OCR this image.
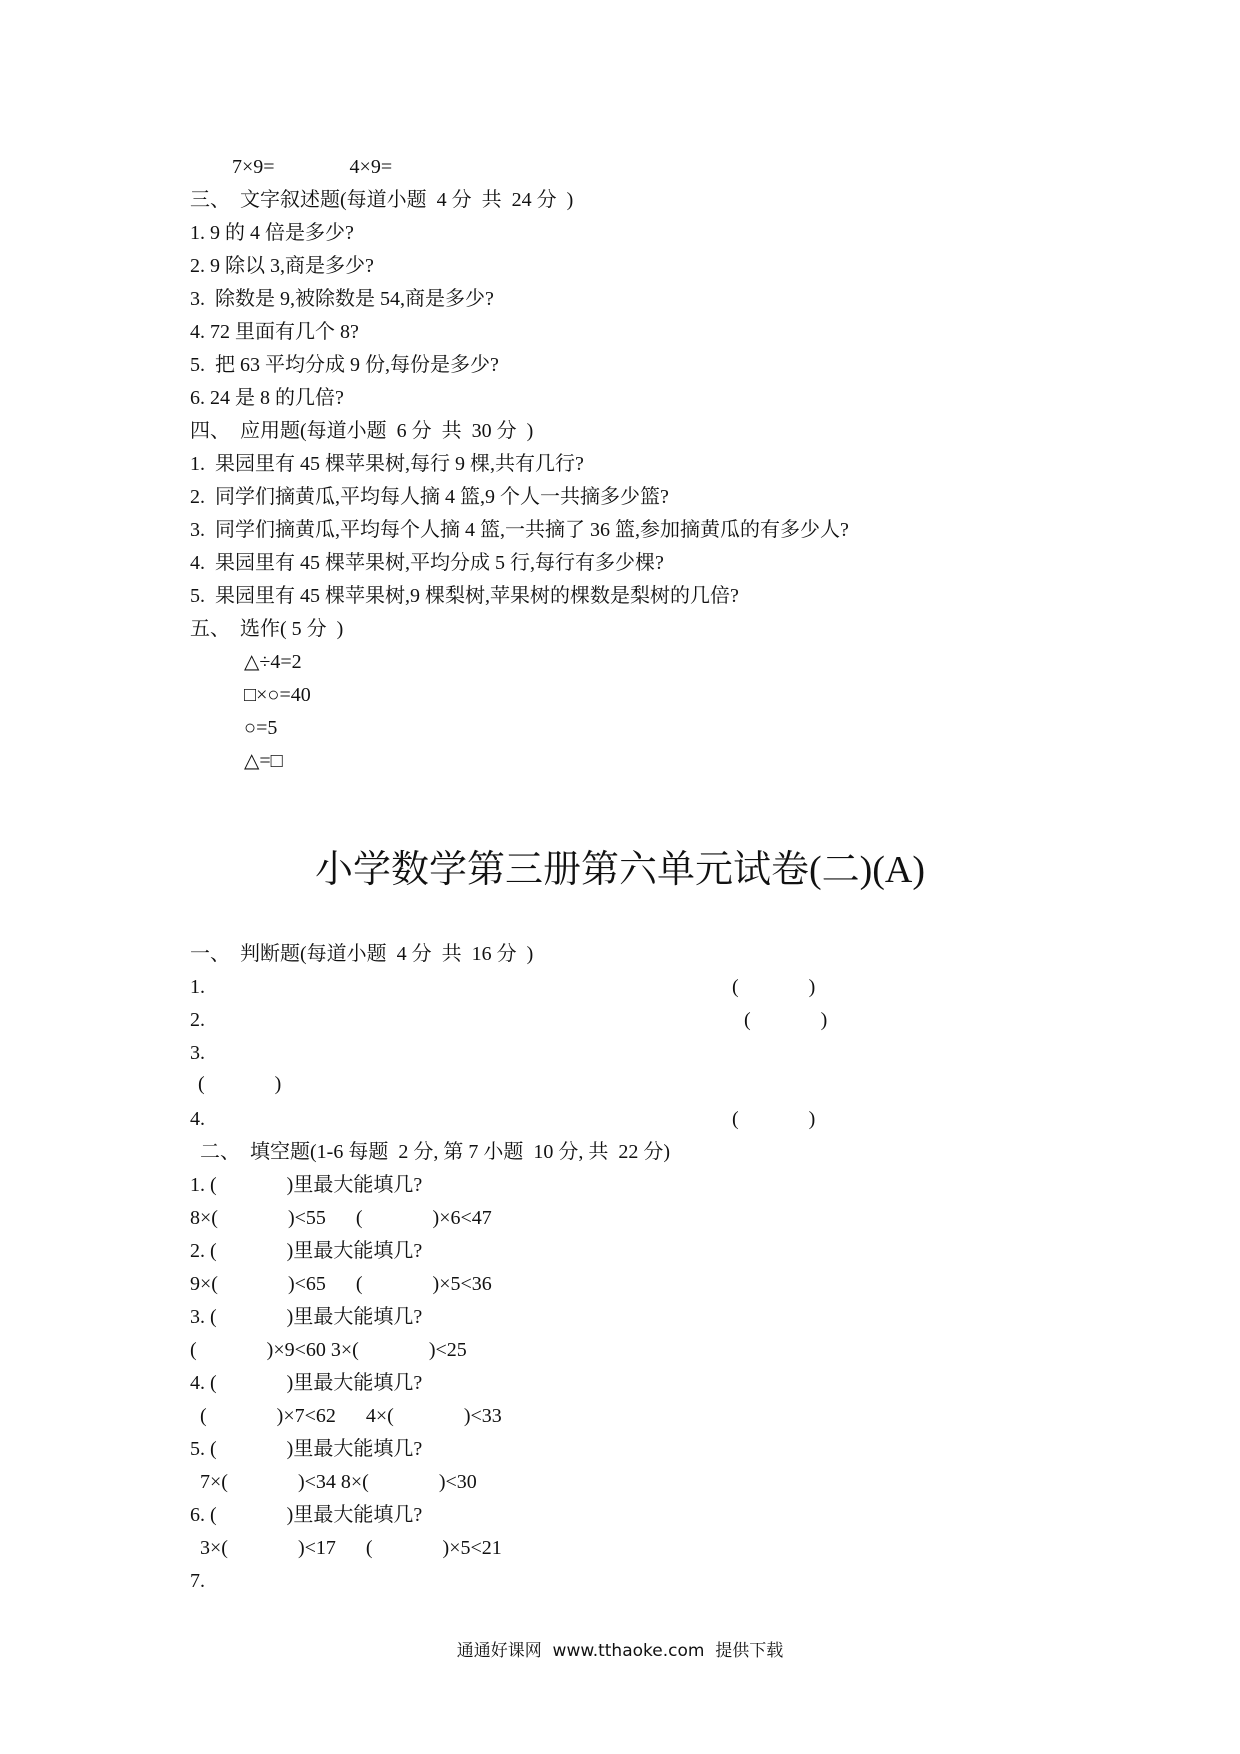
7×9=               4×9=
三、  文字叙述题(每道小题  4 分  共  24 分  )
1. 9 的 4 倍是多少?
2. 9 除以 3,商是多少?
3.  除数是 9,被除数是 54,商是多少?
4. 72 里面有几个 8?
5.  把 63 平均分成 9 份,每份是多少?
6. 24 是 8 的几倍?
四、  应用题(每道小题  6 分  共  30 分  )
1.  果园里有 45 棵苹果树,每行 9 棵,共有几行?
2.  同学们摘黄瓜,平均每人摘 4 篮,9 个人一共摘多少篮?
3.  同学们摘黄瓜,平均每个人摘 4 篮,一共摘了 36 篮,参加摘黄瓜的有多少人?
4.  果园里有 45 棵苹果树,平均分成 5 行,每行有多少棵?
5.  果园里有 45 棵苹果树,9 棵梨树,苹果树的棵数是梨树的几倍?
五、  选作( 5 分  )
△÷4=2
□×○=40
○=5
△=□
小学数学第三册第六单元试卷(二)(A)
一、  判断题(每道小题  4 分  共  16 分  )
1.	(              )
2.	(              )
3.
(              )
4.	(              )
二、  填空题(1-6 每题  2 分, 第 7 小题  10 分, 共  22 分)
1. (              )里最大能填几?
8×(              )<55      (              )×6<47
2. (              )里最大能填几?
9×(              )<65      (              )×5<36
3. (              )里最大能填几?
(              )×9<60 3×(              )<25
4. (              )里最大能填几?
(              )×7<62      4×(              )<33
5. (              )里最大能填几?
7×(              )<34 8×(              )<30
6. (              )里最大能填几?
3×(              )<17      (              )×5<21
7.
通通好课网  www.tthaoke.com  提供下载
